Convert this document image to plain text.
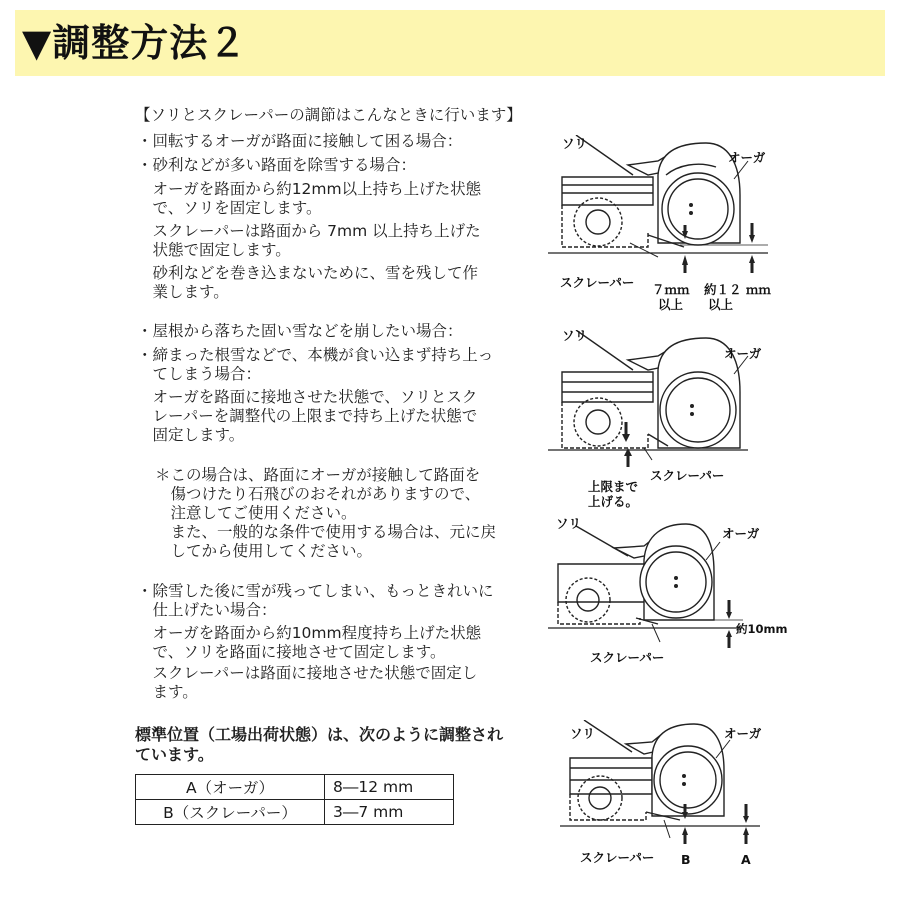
▼調整方法２
【ソリとスクレーパーの調節はこんなときに行います】
・回転するオーガが路面に接触して困る場合：
・砂利などが多い路面を除雪する場合：
　オーガを路面から約12mm以上持ち上げた状態
　で、ソリを固定します。
　スクレーパーは路面から 7mm 以上持ち上げた
　状態で固定します。
　砂利などを巻き込まないために、雪を残して作
　業します。
・屋根から落ちた固い雪などを崩したい場合：
・締まった根雪などで、本機が食い込まず持ち上っ
　てしまう場合：
　オーガを路面に接地させた状態で、ソリとスク
　レーパーを調整代の上限まで持ち上げた状態で
　固定します。
＊この場合は、路面にオーガが接触して路面を
　傷つけたり石飛びのおそれがありますので、
　注意してご使用ください。
　また、一般的な条件で使用する場合は、元に戻
　してから使用してください。
・除雪した後に雪が残ってしまい、もっときれいに
　仕上げたい場合：
　オーガを路面から約10mm程度持ち上げた状態
　で、ソリを路面に接地させて固定します。
　スクレーパーは路面に接地させた状態で固定し
　ます。
標準位置（工場出荷状態）は、次のように調整され
ています。
A（オーガ）	8―12 mm
B（スクレーパー）	3―7 mm
ソリ
オーガ
スクレーパー ７ｍｍ
以上
約１２ ｍｍ
以上
ソリ
オーガ
スクレーパー
上限まで
上げる。
ソリ
オーガ
約10mm
スクレーパー
ソリ	オーガ
スクレーパー B	A
